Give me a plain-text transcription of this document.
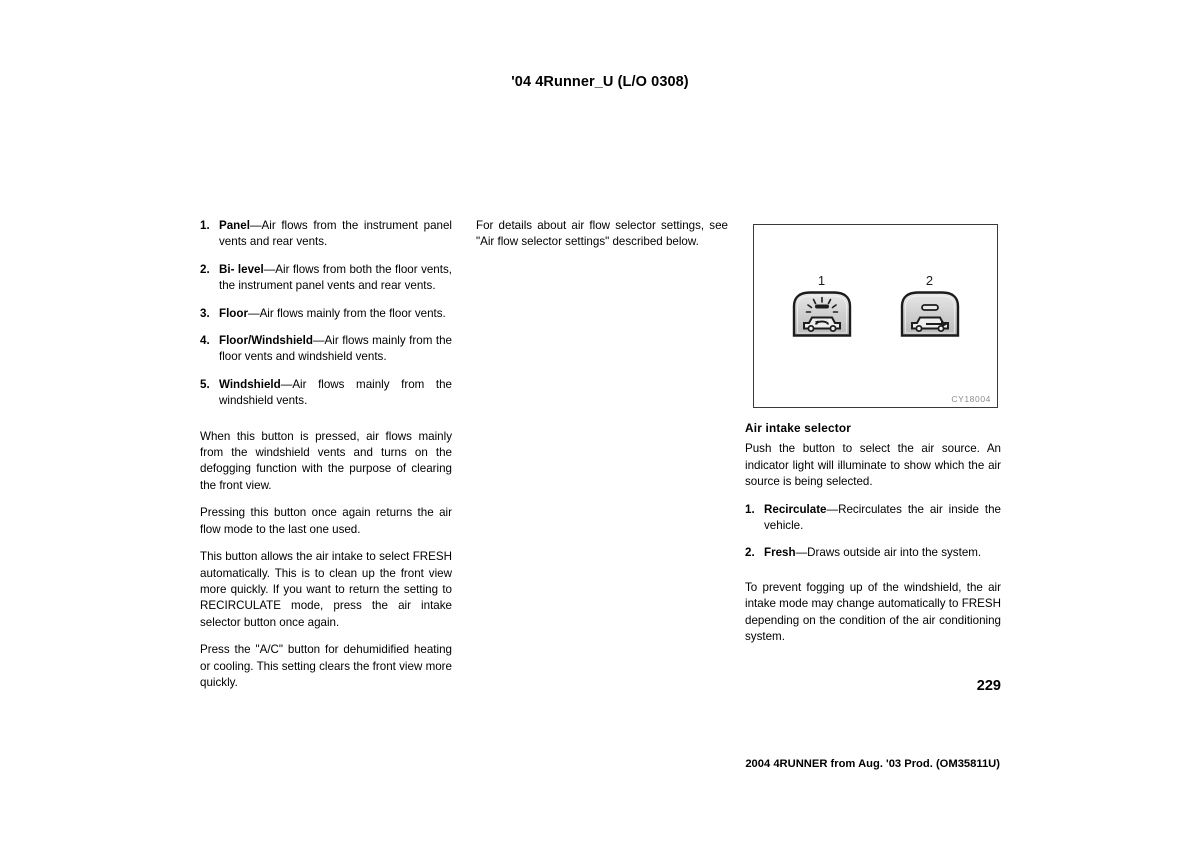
'04 4Runner_U (L/O 0308)
1. Panel—Air flows from the instrument panel vents and rear vents.
2. Bi- level—Air flows from both the floor vents, the instrument panel vents and rear vents.
3. Floor—Air flows mainly from the floor vents.
4. Floor/Windshield—Air flows mainly from the floor vents and windshield vents.
5. Windshield—Air flows mainly from the windshield vents.

When this button is pressed, air flows mainly from the windshield vents and turns on the defogging function with the purpose of clearing the front view.

Pressing this button once again returns the air flow mode to the last one used.

This button allows the air intake to select FRESH automatically. This is to clean up the front view more quickly. If you want to return the setting to RECIRCULATE mode, press the air intake selector button once again.

Press the "A/C" button for dehumidified heating or cooling. This setting clears the front view more quickly.

For details about air flow selector settings, see "Air flow selector settings" described below.

1	2
CY18004
Air intake selector

Push the button to select the air source. An indicator light will illuminate to show which the air source is being selected.

1. Recirculate—Recirculates the air inside the vehicle.
2. Fresh—Draws outside air into the system.

To prevent fogging up of the windshield, the air intake mode may change automatically to FRESH depending on the condition of the air conditioning system.

229
2004 4RUNNER from Aug. '03 Prod. (OM35811U)
